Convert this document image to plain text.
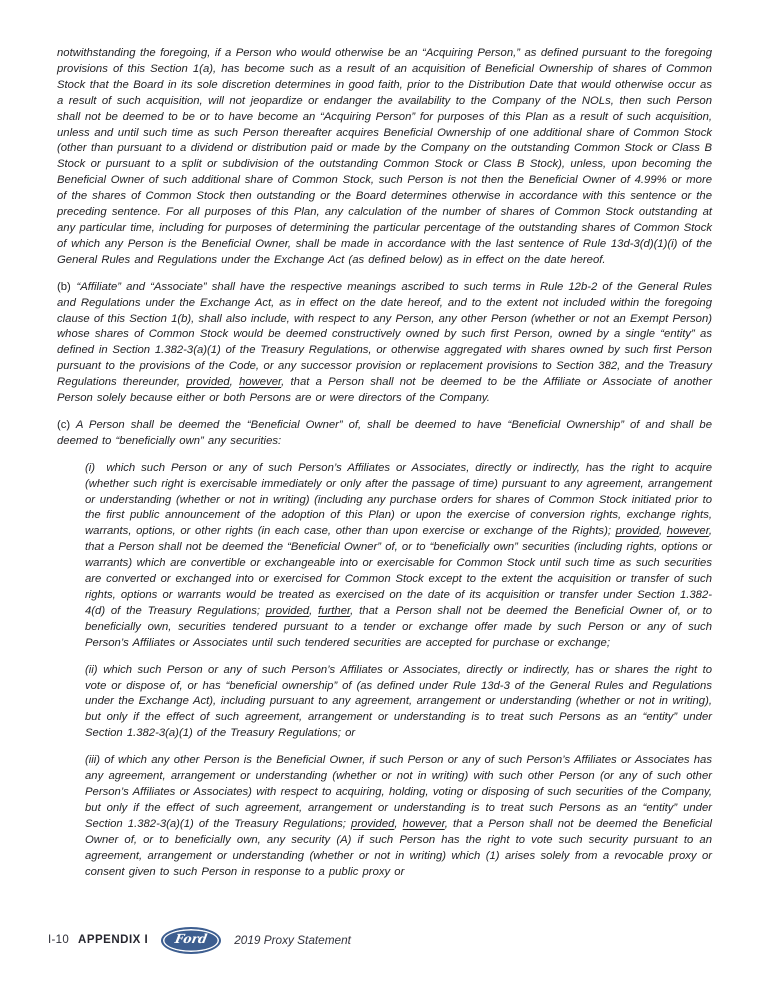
notwithstanding the foregoing, if a Person who would otherwise be an “Acquiring Person,” as defined pursuant to the foregoing provisions of this Section 1(a), has become such as a result of an acquisition of Beneficial Ownership of shares of Common Stock that the Board in its sole discretion determines in good faith, prior to the Distribution Date that would otherwise occur as a result of such acquisition, will not jeopardize or endanger the availability to the Company of the NOLs, then such Person shall not be deemed to be or to have become an “Acquiring Person” for purposes of this Plan as a result of such acquisition, unless and until such time as such Person thereafter acquires Beneficial Ownership of one additional share of Common Stock (other than pursuant to a dividend or distribution paid or made by the Company on the outstanding Common Stock or Class B Stock or pursuant to a split or subdivision of the outstanding Common Stock or Class B Stock), unless, upon becoming the Beneficial Owner of such additional share of Common Stock, such Person is not then the Beneficial Owner of 4.99% or more of the shares of Common Stock then outstanding or the Board determines otherwise in accordance with this sentence or the preceding sentence. For all purposes of this Plan, any calculation of the number of shares of Common Stock outstanding at any particular time, including for purposes of determining the particular percentage of the outstanding shares of Common Stock of which any Person is the Beneficial Owner, shall be made in accordance with the last sentence of Rule 13d-3(d)(1)(i) of the General Rules and Regulations under the Exchange Act (as defined below) as in effect on the date hereof.

(b) “Affiliate” and “Associate” shall have the respective meanings ascribed to such terms in Rule 12b-2 of the General Rules and Regulations under the Exchange Act, as in effect on the date hereof, and to the extent not included within the foregoing clause of this Section 1(b), shall also include, with respect to any Person, any other Person (whether or not an Exempt Person) whose shares of Common Stock would be deemed constructively owned by such first Person, owned by a single “entity” as defined in Section 1.382-3(a)(1) of the Treasury Regulations, or otherwise aggregated with shares owned by such first Person pursuant to the provisions of the Code, or any successor provision or replacement provisions to Section 382, and the Treasury Regulations thereunder, provided, however, that a Person shall not be deemed to be the Affiliate or Associate of another Person solely because either or both Persons are or were directors of the Company.

(c) A Person shall be deemed the “Beneficial Owner” of, shall be deemed to have “Beneficial Ownership” of and shall be deemed to “beneficially own” any securities:

(i)  which such Person or any of such Person’s Affiliates or Associates, directly or indirectly, has the right to acquire (whether such right is exercisable immediately or only after the passage of time) pursuant to any agreement, arrangement or understanding (whether or not in writing) (including any purchase orders for shares of Common Stock initiated prior to the first public announcement of the adoption of this Plan) or upon the exercise of conversion rights, exchange rights, warrants, options, or other rights (in each case, other than upon exercise or exchange of the Rights); provided, however, that a Person shall not be deemed the “Beneficial Owner” of, or to “beneficially own” securities (including rights, options or warrants) which are convertible or exchangeable into or exercisable for Common Stock until such time as such securities are converted or exchanged into or exercised for Common Stock except to the extent the acquisition or transfer of such rights, options or warrants would be treated as exercised on the date of its acquisition or transfer under Section 1.382-4(d) of the Treasury Regulations; provided, further, that a Person shall not be deemed the Beneficial Owner of, or to beneficially own, securities tendered pursuant to a tender or exchange offer made by such Person or any of such Person’s Affiliates or Associates until such tendered securities are accepted for purchase or exchange;

(ii) which such Person or any of such Person’s Affiliates or Associates, directly or indirectly, has or shares the right to vote or dispose of, or has “beneficial ownership” of (as defined under Rule 13d-3 of the General Rules and Regulations under the Exchange Act), including pursuant to any agreement, arrangement or understanding (whether or not in writing), but only if the effect of such agreement, arrangement or understanding is to treat such Persons as an “entity” under Section 1.382-3(a)(1) of the Treasury Regulations; or

(iii) of which any other Person is the Beneficial Owner, if such Person or any of such Person’s Affiliates or Associates has any agreement, arrangement or understanding (whether or not in writing) with such other Person (or any of such other Person’s Affiliates or Associates) with respect to acquiring, holding, voting or disposing of such securities of the Company, but only if the effect of such agreement, arrangement or understanding is to treat such Persons as an “entity” under Section 1.382-3(a)(1) of the Treasury Regulations; provided, however, that a Person shall not be deemed the Beneficial Owner of, or to beneficially own, any security (A) if such Person has the right to vote such security pursuant to an agreement, arrangement or understanding (whether or not in writing) which (1) arises solely from a revocable proxy or consent given to such Person in response to a public proxy or

I-10 APPENDIX I Ford 2019 Proxy Statement
